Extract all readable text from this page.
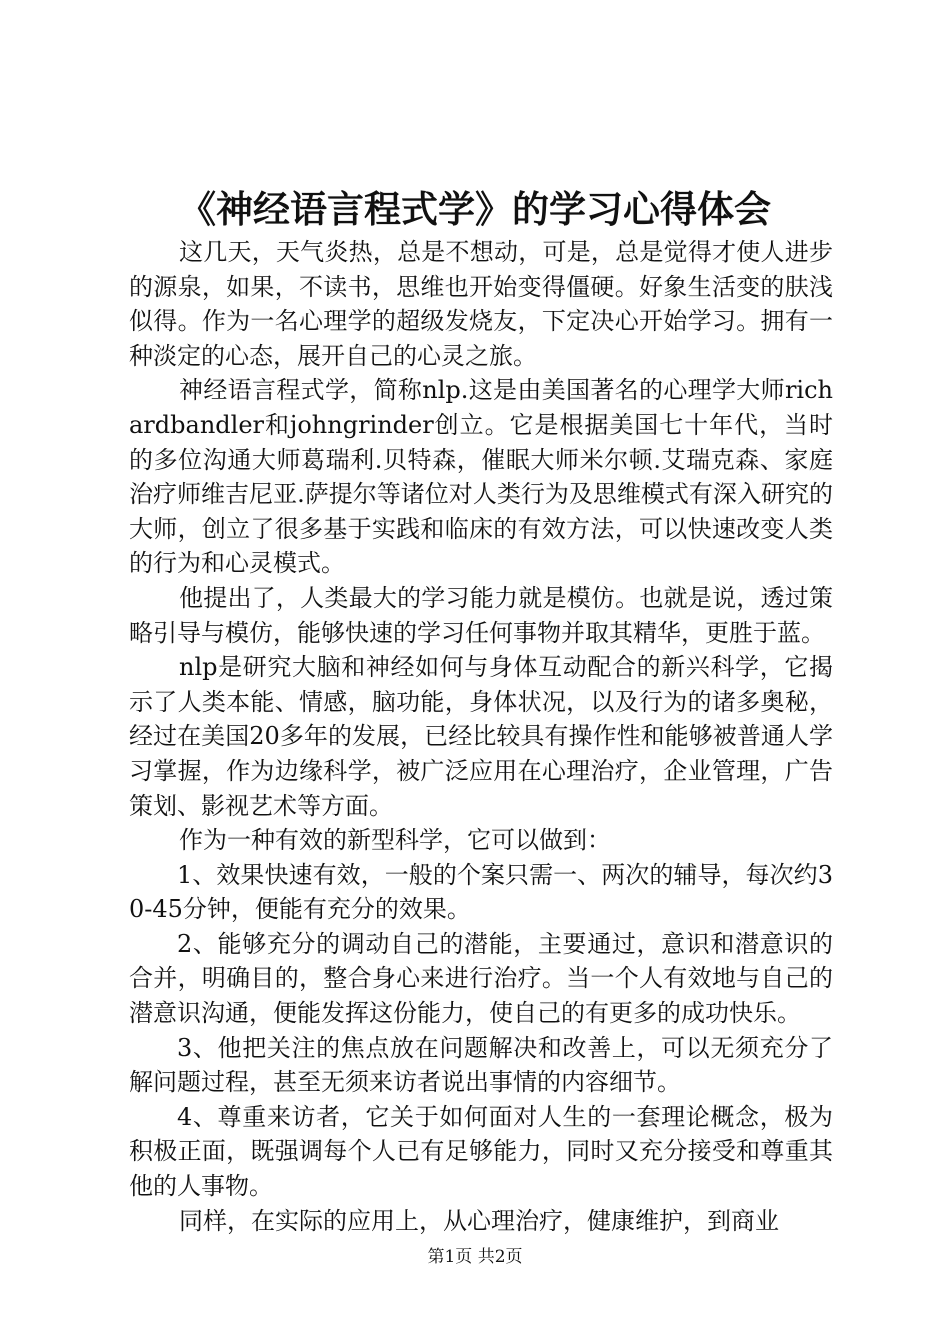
《神经语言程式学》的学习心得体会

这几天，天气炎热，总是不想动，可是，总是觉得才使人进步的源泉，如果，不读书，思维也开始变得僵硬。好象生活变的肤浅似得。作为一名心理学的超级发烧友，下定决心开始学习。拥有一种淡定的心态，展开自己的心灵之旅。

神经语言程式学，简称nlp.这是由美国著名的心理学大师richardbandler和johngrinder创立。它是根据美国七十年代，当时的多位沟通大师葛瑞利.贝特森，催眠大师米尔顿.艾瑞克森、家庭治疗师维吉尼亚.萨提尔等诸位对人类行为及思维模式有深入研究的大师，创立了很多基于实践和临床的有效方法，可以快速改变人类的行为和心灵模式。

他提出了，人类最大的学习能力就是模仿。也就是说，透过策略引导与模仿，能够快速的学习任何事物并取其精华，更胜于蓝。

nlp是研究大脑和神经如何与身体互动配合的新兴科学，它揭示了人类本能、情感，脑功能，身体状况，以及行为的诸多奥秘，经过在美国20多年的发展，已经比较具有操作性和能够被普通人学习掌握，作为边缘科学，被广泛应用在心理治疗，企业管理，广告策划、影视艺术等方面。

作为一种有效的新型科学，它可以做到：

1、效果快速有效，一般的个案只需一、两次的辅导，每次约30-45分钟，便能有充分的效果。

2、能够充分的调动自己的潜能，主要通过，意识和潜意识的合并，明确目的，整合身心来进行治疗。当一个人有效地与自己的潜意识沟通，便能发挥这份能力，使自己的有更多的成功快乐。

3、他把关注的焦点放在问题解决和改善上，可以无须充分了解问题过程，甚至无须来访者说出事情的内容细节。

4、尊重来访者，它关于如何面对人生的一套理论概念，极为积极正面，既强调每个人已有足够能力，同时又充分接受和尊重其他的人事物。

同样，在实际的应用上，从心理治疗，健康维护，到商业

第1页 共2页
